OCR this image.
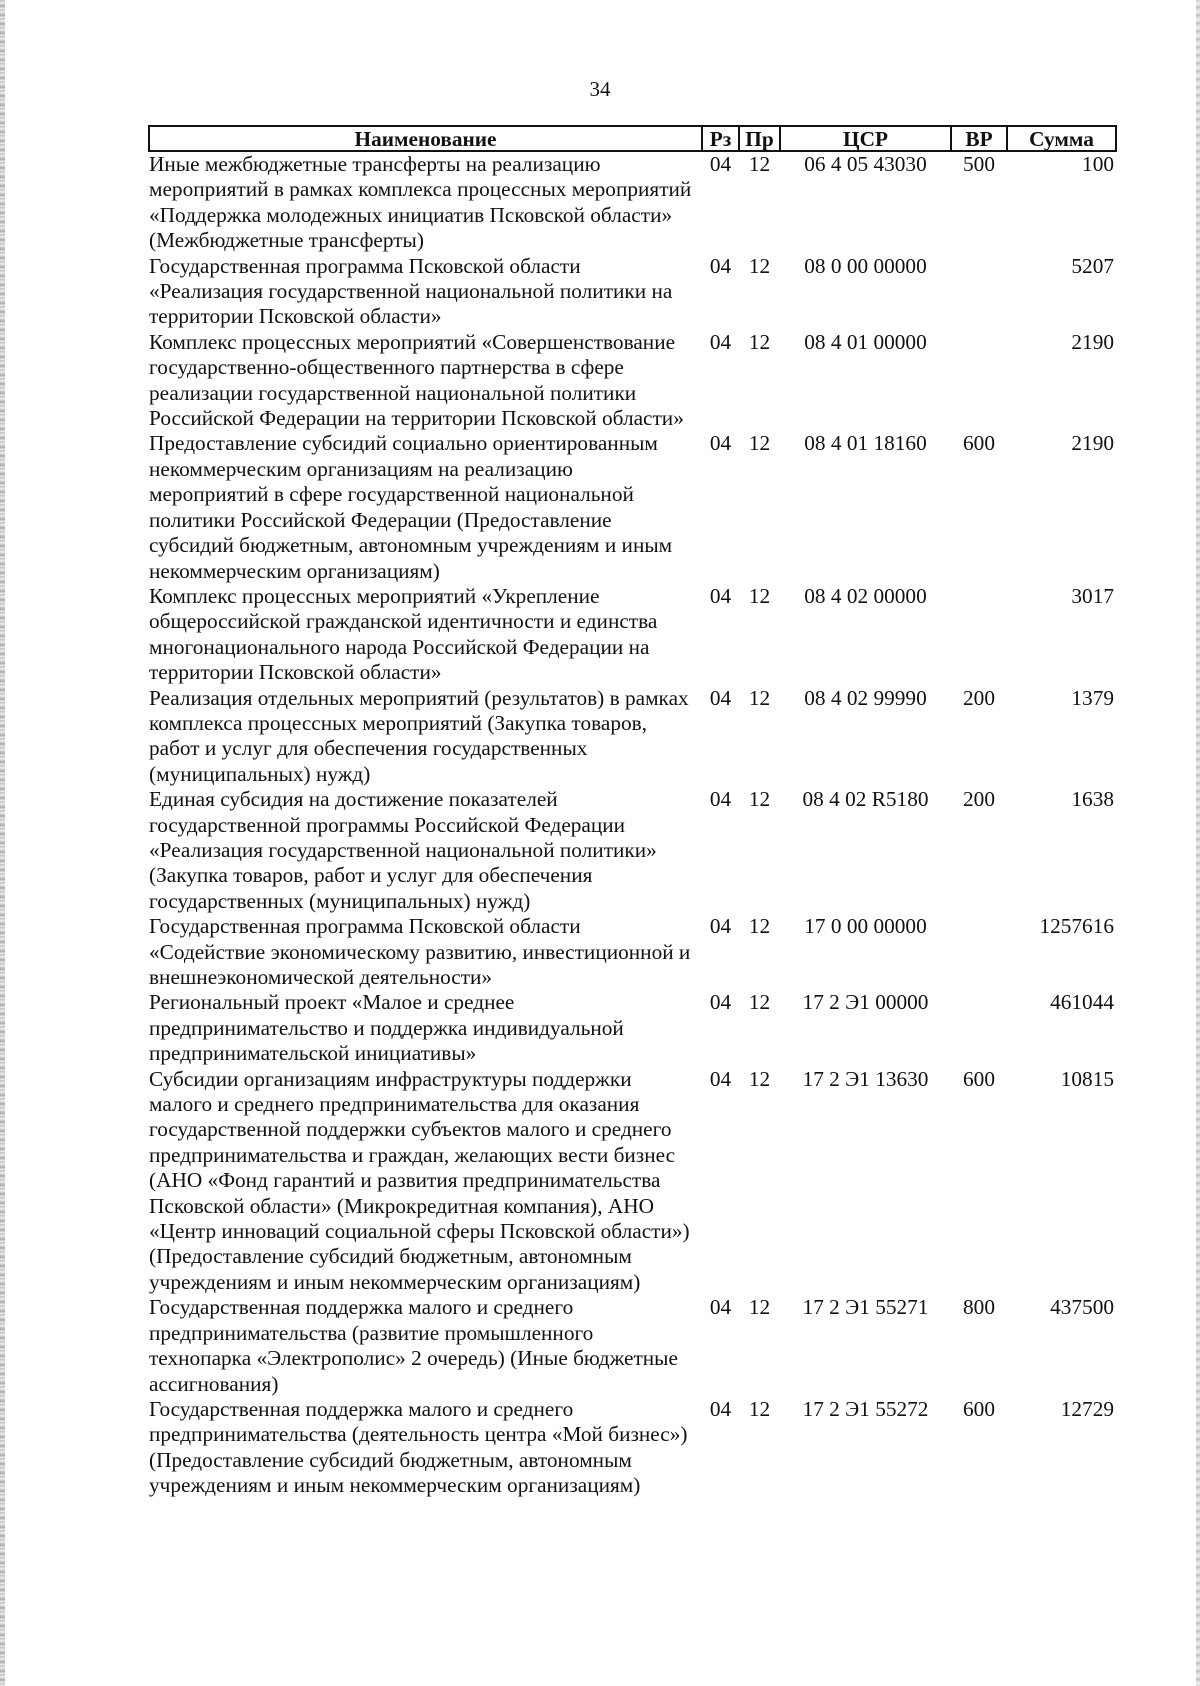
34
Наименование	Рз	Пр	ЦСР	ВР	Сумма
Иные межбюджетные трансферты на реализацию мероприятий в рамках комплекса процессных мероприятий «Поддержка молодежных инициатив Псковской области» (Межбюджетные трансферты)	04	12	06 4 05 43030	500	100
Государственная программа Псковской области «Реализация государственной национальной политики на территории Псковской области»	04	12	08 0 00 00000		5207
Комплекс процессных мероприятий «Совершенствование государственно-общественного партнерства в сфере реализации государственной национальной политики Российской Федерации на территории Псковской области»	04	12	08 4 01 00000		2190
Предоставление субсидий социально ориентированным некоммерческим организациям на реализацию мероприятий в сфере государственной национальной политики Российской Федерации (Предоставление субсидий бюджетным, автономным учреждениям и иным некоммерческим организациям)	04	12	08 4 01 18160	600	2190
Комплекс процессных мероприятий «Укрепление общероссийской гражданской идентичности и единства многонационального народа Российской Федерации на территории Псковской области»	04	12	08 4 02 00000		3017
Реализация отдельных мероприятий (результатов) в рамках комплекса процессных мероприятий (Закупка товаров, работ и услуг для обеспечения государственных (муниципальных) нужд)	04	12	08 4 02 99990	200	1379
Единая субсидия на достижение показателей государственной программы Российской Федерации «Реализация государственной национальной политики» (Закупка товаров, работ и услуг для обеспечения государственных (муниципальных) нужд)	04	12	08 4 02 R5180	200	1638
Государственная программа Псковской области «Содействие экономическому развитию, инвестиционной и внешнеэкономической деятельности»	04	12	17 0 00 00000		1257616
Региональный проект «Малое и среднее предпринимательство и поддержка индивидуальной предпринимательской инициативы»	04	12	17 2 Э1 00000		461044
Субсидии организациям инфраструктуры поддержки малого и среднего предпринимательства для оказания государственной поддержки субъектов малого и среднего предпринимательства и граждан, желающих вести бизнес (АНО «Фонд гарантий и развития предпринимательства Псковской области» (Микрокредитная компания), АНО «Центр инноваций социальной сферы Псковской области») (Предоставление субсидий бюджетным, автономным учреждениям и иным некоммерческим организациям)	04	12	17 2 Э1 13630	600	10815
Государственная поддержка малого и среднего предпринимательства (развитие промышленного технопарка «Электрополис» 2 очередь) (Иные бюджетные ассигнования)	04	12	17 2 Э1 55271	800	437500
Государственная поддержка малого и среднего предпринимательства (деятельность центра «Мой бизнес») (Предоставление субсидий бюджетным, автономным учреждениям и иным некоммерческим организациям)	04	12	17 2 Э1 55272	600	12729
